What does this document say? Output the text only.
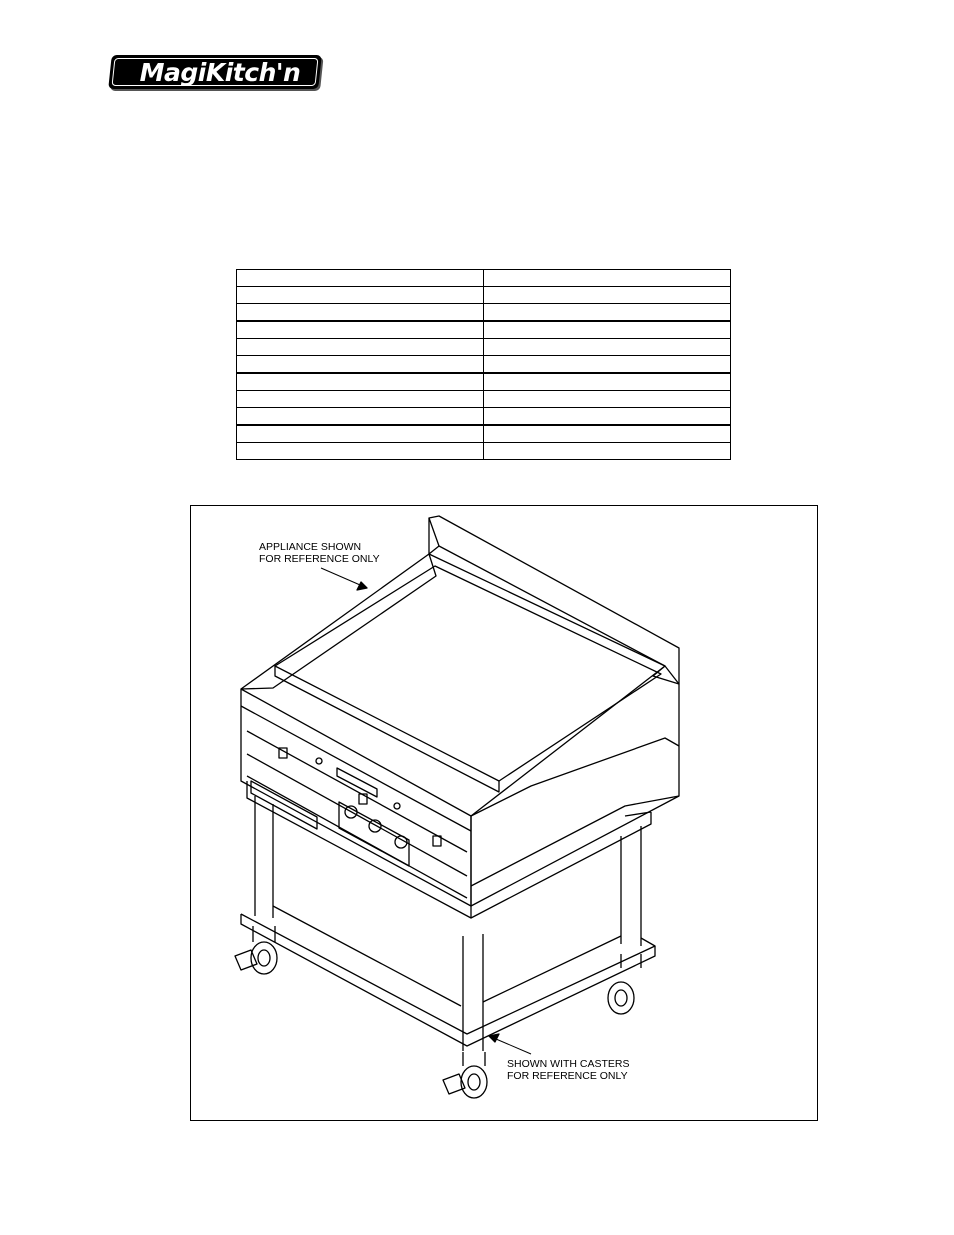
MagiKitch'n

APPLIANCE SHOWN
FOR REFERENCE ONLY
SHOWN WITH CASTERS
FOR REFERENCE ONLY
